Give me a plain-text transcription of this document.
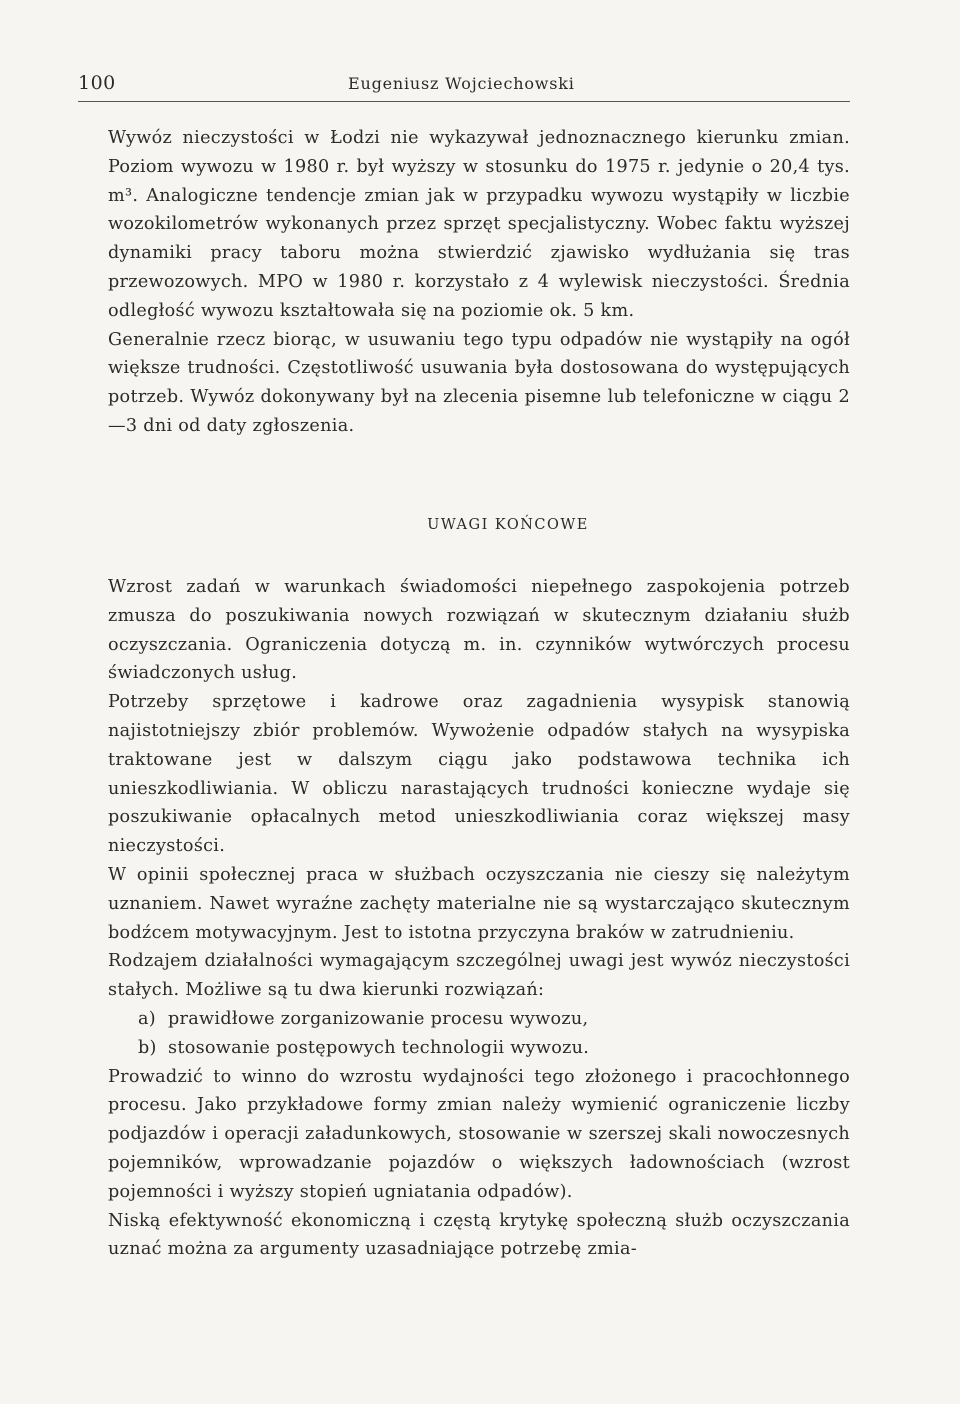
100	Eugeniusz Wojciechowski

Wywóz nieczystości w Łodzi nie wykazywał jednoznacznego kierunku zmian. Poziom wywozu w 1980 r. był wyższy w stosunku do 1975 r. jedynie o 20,4 tys. m³. Analogiczne tendencje zmian jak w przypadku wywozu wystąpiły w liczbie wozokilometrów wykonanych przez sprzęt specjalistyczny. Wobec faktu wyższej dynamiki pracy taboru można stwierdzić zjawisko wydłużania się tras przewozowych. MPO w 1980 r. korzystało z 4 wylewisk nieczystości. Średnia odległość wywozu kształtowała się na poziomie ok. 5 km.

Generalnie rzecz biorąc, w usuwaniu tego typu odpadów nie wystąpiły na ogół większe trudności. Częstotliwość usuwania była dostosowana do występujących potrzeb. Wywóz dokonywany był na zlecenia pisemne lub telefoniczne w ciągu 2—3 dni od daty zgłoszenia.

UWAGI KOŃCOWE

Wzrost zadań w warunkach świadomości niepełnego zaspokojenia potrzeb zmusza do poszukiwania nowych rozwiązań w skutecznym działaniu służb oczyszczania. Ograniczenia dotyczą m. in. czynników wytwórczych procesu świadczonych usług.

Potrzeby sprzętowe i kadrowe oraz zagadnienia wysypisk stanowią najistotniejszy zbiór problemów. Wywożenie odpadów stałych na wysypiska traktowane jest w dalszym ciągu jako podstawowa technika ich unieszkodliwiania. W obliczu narastających trudności konieczne wydaje się poszukiwanie opłacalnych metod unieszkodliwiania coraz większej masy nieczystości.

W opinii społecznej praca w służbach oczyszczania nie cieszy się należytym uznaniem. Nawet wyraźne zachęty materialne nie są wystarczająco skutecznym bodźcem motywacyjnym. Jest to istotna przyczyna braków w zatrudnieniu.

Rodzajem działalności wymagającym szczególnej uwagi jest wywóz nieczystości stałych. Możliwe są tu dwa kierunki rozwiązań:

a) prawidłowe zorganizowanie procesu wywozu,

b) stosowanie postępowych technologii wywozu.

Prowadzić to winno do wzrostu wydajności tego złożonego i pracochłonnego procesu. Jako przykładowe formy zmian należy wymienić ograniczenie liczby podjazdów i operacji załadunkowych, stosowanie w szerszej skali nowoczesnych pojemników, wprowadzanie pojazdów o większych ładownościach (wzrost pojemności i wyższy stopień ugniatania odpadów).

Niską efektywność ekonomiczną i częstą krytykę społeczną służb oczyszczania uznać można za argumenty uzasadniające potrzebę zmia-
